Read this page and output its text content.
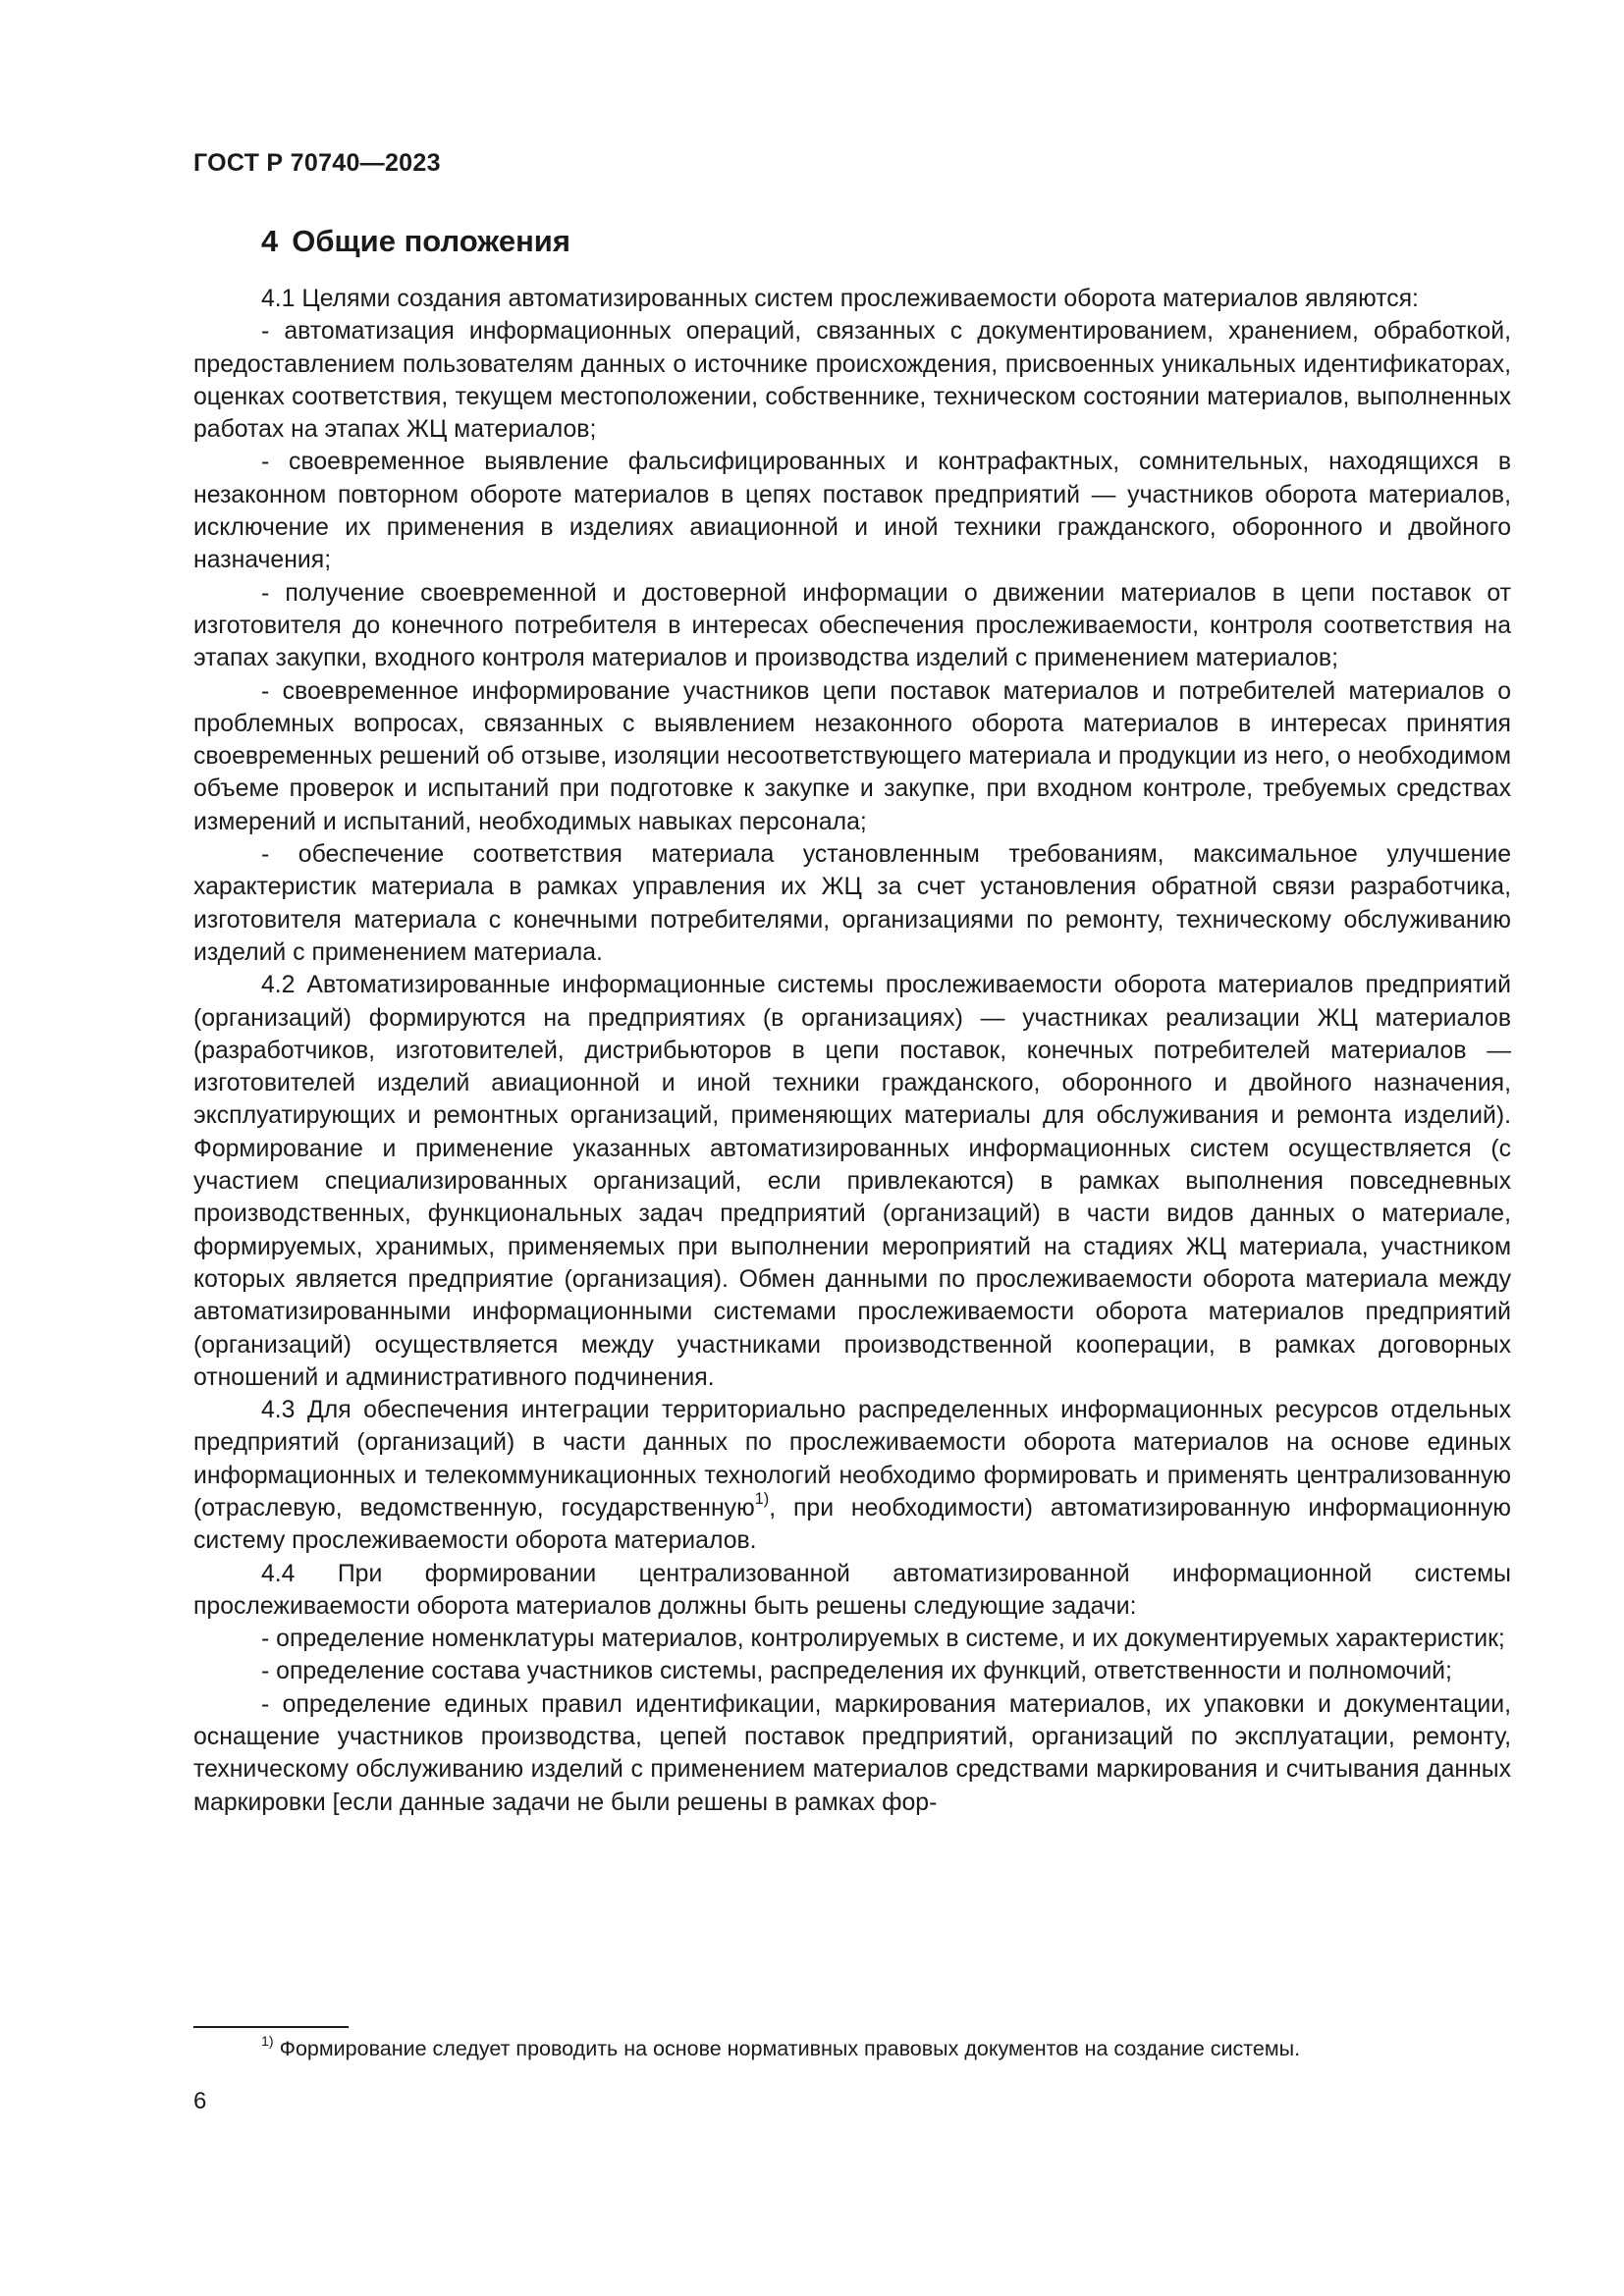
ГОСТ Р 70740—2023
4 Общие положения

4.1 Целями создания автоматизированных систем прослеживаемости оборота материалов являются:

- автоматизация информационных операций, связанных с документированием, хранением, обработкой, предоставлением пользователям данных о источнике происхождения, присвоенных уникальных идентификаторах, оценках соответствия, текущем местоположении, собственнике, техническом состоянии материалов, выполненных работах на этапах ЖЦ материалов;

- своевременное выявление фальсифицированных и контрафактных, сомнительных, находящихся в незаконном повторном обороте материалов в цепях поставок предприятий — участников оборота материалов, исключение их применения в изделиях авиационной и иной техники гражданского, оборонного и двойного назначения;

- получение своевременной и достоверной информации о движении материалов в цепи поставок от изготовителя до конечного потребителя в интересах обеспечения прослеживаемости, контроля соответствия на этапах закупки, входного контроля материалов и производства изделий с применением материалов;

- своевременное информирование участников цепи поставок материалов и потребителей материалов о проблемных вопросах, связанных с выявлением незаконного оборота материалов в интересах принятия своевременных решений об отзыве, изоляции несоответствующего материала и продукции из него, о необходимом объеме проверок и испытаний при подготовке к закупке и закупке, при входном контроле, требуемых средствах измерений и испытаний, необходимых навыках персонала;

- обеспечение соответствия материала установленным требованиям, максимальное улучшение характеристик материала в рамках управления их ЖЦ за счет установления обратной связи разработчика, изготовителя материала с конечными потребителями, организациями по ремонту, техническому обслуживанию изделий с применением материала.

4.2 Автоматизированные информационные системы прослеживаемости оборота материалов предприятий (организаций) формируются на предприятиях (в организациях) — участниках реализации ЖЦ материалов (разработчиков, изготовителей, дистрибьюторов в цепи поставок, конечных потребителей материалов — изготовителей изделий авиационной и иной техники гражданского, оборонного и двойного назначения, эксплуатирующих и ремонтных организаций, применяющих материалы для обслуживания и ремонта изделий). Формирование и применение указанных автоматизированных информационных систем осуществляется (с участием специализированных организаций, если привлекаются) в рамках выполнения повседневных производственных, функциональных задач предприятий (организаций) в части видов данных о материале, формируемых, хранимых, применяемых при выполнении мероприятий на стадиях ЖЦ материала, участником которых является предприятие (организация). Обмен данными по прослеживаемости оборота материала между автоматизированными информационными системами прослеживаемости оборота материалов предприятий (организаций) осуществляется между участниками производственной кооперации, в рамках договорных отношений и административного подчинения.

4.3 Для обеспечения интеграции территориально распределенных информационных ресурсов отдельных предприятий (организаций) в части данных по прослеживаемости оборота материалов на основе единых информационных и телекоммуникационных технологий необходимо формировать и применять централизованную (отраслевую, ведомственную, государственную$^{1)}$, при необходимости) автоматизированную информационную систему прослеживаемости оборота материалов.

4.4 При формировании централизованной автоматизированной информационной системы прослеживаемости оборота материалов должны быть решены следующие задачи:

- определение номенклатуры материалов, контролируемых в системе, и их документируемых характеристик;

- определение состава участников системы, распределения их функций, ответственности и полномочий;

- определение единых правил идентификации, маркирования материалов, их упаковки и документации, оснащение участников производства, цепей поставок предприятий, организаций по эксплуатации, ремонту, техническому обслуживанию изделий с применением материалов средствами маркирования и считывания данных маркировки [если данные задачи не были решены в рамках фор-

$^{1)}$ Формирование следует проводить на основе нормативных правовых документов на создание системы.
6
